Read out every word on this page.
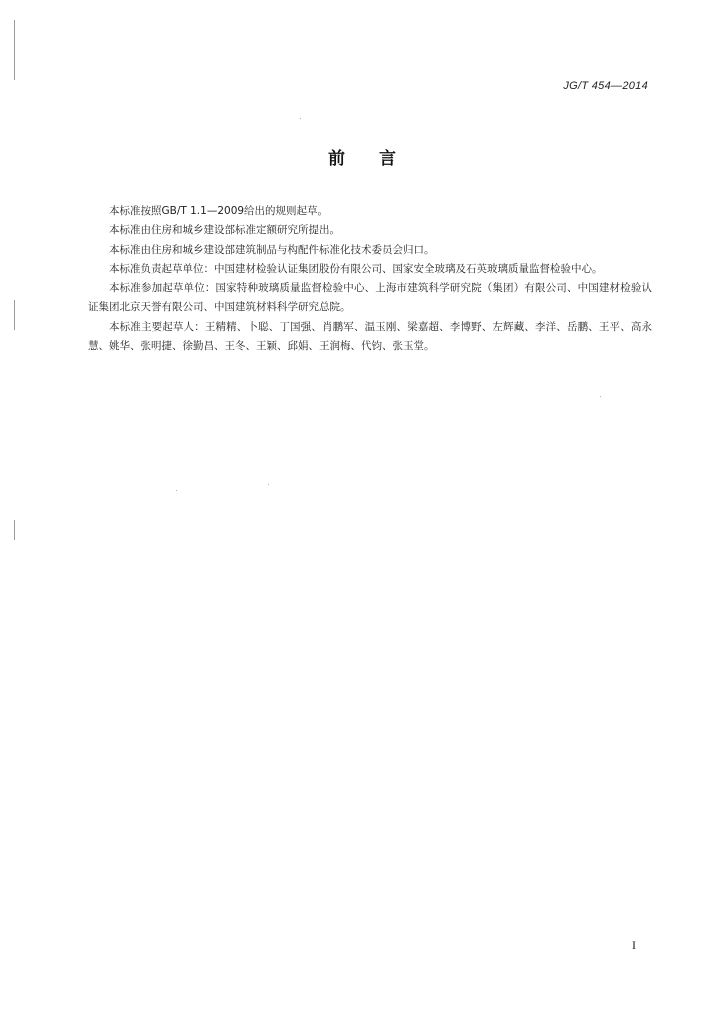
JG/T 454—2014
前言

本标准按照GB/T 1.1—2009给出的规则起草。

本标准由住房和城乡建设部标准定额研究所提出。

本标准由住房和城乡建设部建筑制品与构配件标准化技术委员会归口。

本标准负责起草单位：中国建材检验认证集团股份有限公司、国家安全玻璃及石英玻璃质量监督检验中心。

本标准参加起草单位：国家特种玻璃质量监督检验中心、上海市建筑科学研究院（集团）有限公司、中国建材检验认证集团北京天誉有限公司、中国建筑材料科学研究总院。

本标准主要起草人：王精精、卜聪、丁国强、肖鹏军、温玉刚、梁嘉超、李博野、左辉藏、李洋、岳鹏、王平、高永慧、姚华、张明捷、徐勤昌、王冬、王颖、邱娟、王润梅、代钧、张玉堂。

I
